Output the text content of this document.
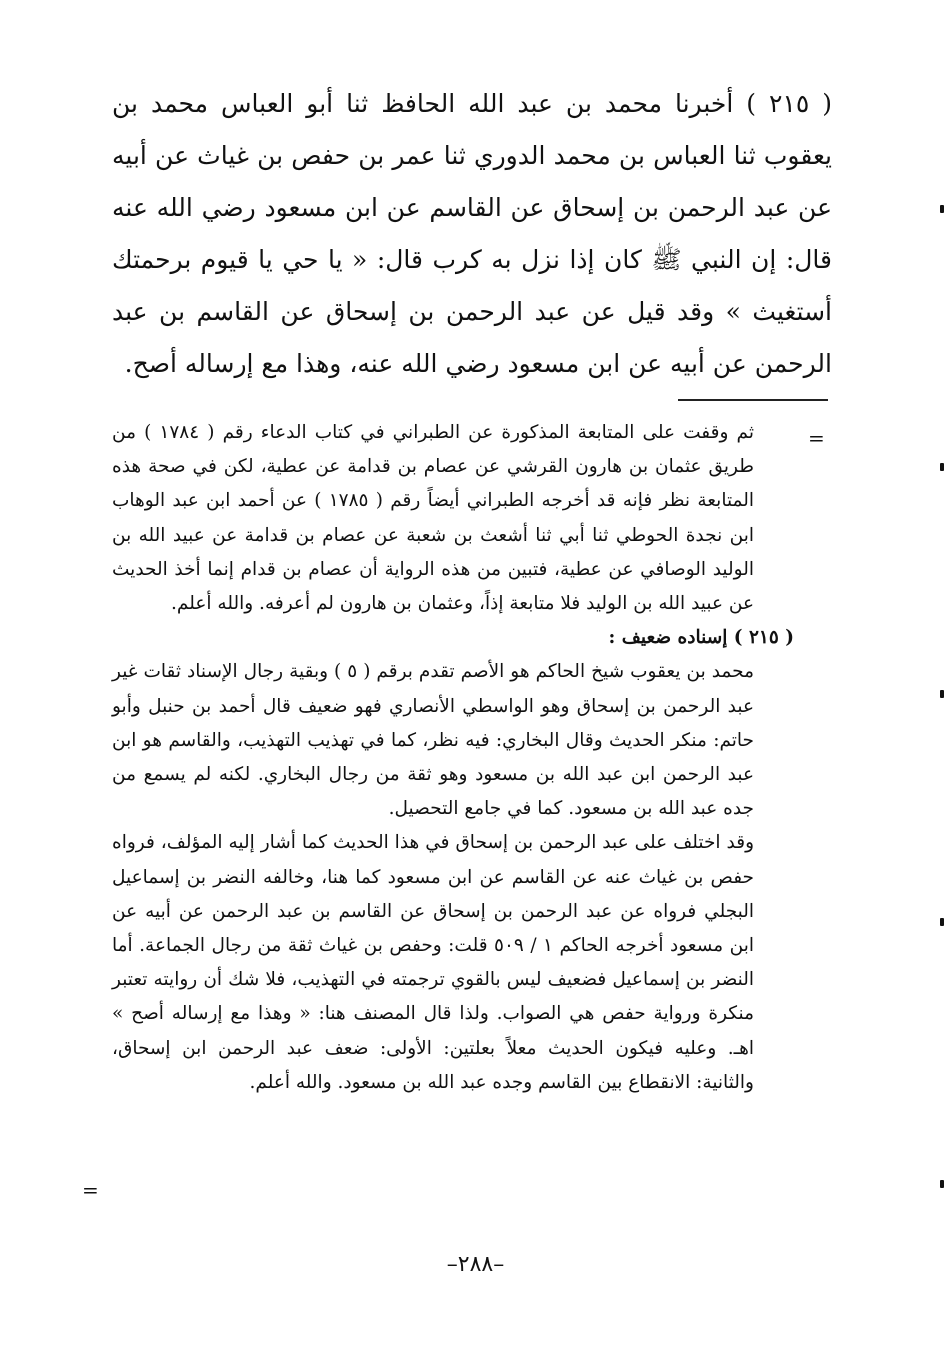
( ٢١٥ ) أخبرنا محمد بن عبد الله الحافظ ثنا أبو العباس محمد بن يعقوب ثنا العباس بن محمد الدوري ثنا عمر بن حفص بن غياث عن أبيه عن عبد الرحمن بن إسحاق عن القاسم عن ابن مسعود رضي الله عنه قال: إن النبي ﷺ كان إذا نزل به كرب قال: « يا حي يا قيوم برحمتك أستغيث » وقد قيل عن عبد الرحمن بن إسحاق عن القاسم بن عبد الرحمن عن أبيه عن ابن مسعود رضي الله عنه، وهذا مع إرساله أصح.

=

ثم وقفت على المتابعة المذكورة عن الطبراني في كتاب الدعاء رقم ( ١٧٨٤ ) من طريق عثمان بن هارون القرشي عن عصام بن قدامة عن عطية، لكن في صحة هذه المتابعة نظر فإنه قد أخرجه الطبراني أيضاً رقم ( ١٧٨٥ ) عن أحمد ابن عبد الوهاب ابن نجدة الحوطي ثنا أبي ثنا أشعث بن شعبة عن عصام بن قدامة عن عبيد الله بن الوليد الوصافي عن عطية، فتبين من هذه الرواية أن عصام بن قدام إنما أخذ الحديث عن عبيد الله بن الوليد فلا متابعة إذاً، وعثمان بن هارون لم أعرفه. والله أعلم.

( ٢١٥ ) إسناده ضعيف :

محمد بن يعقوب شيخ الحاكم هو الأصم تقدم برقم ( ٥ ) وبقية رجال الإسناد ثقات غير عبد الرحمن بن إسحاق وهو الواسطي الأنصاري فهو ضعيف قال أحمد بن حنبل وأبو حاتم: منكر الحديث وقال البخاري: فيه نظر، كما في تهذيب التهذيب، والقاسم هو ابن عبد الرحمن ابن عبد الله بن مسعود وهو ثقة من رجال البخاري. لكنه لم يسمع من جده عبد الله بن مسعود. كما في جامع التحصيل.

وقد اختلف على عبد الرحمن بن إسحاق في هذا الحديث كما أشار إليه المؤلف، فرواه حفص بن غياث عنه عن القاسم عن ابن مسعود كما هنا، وخالفه النضر بن إسماعيل البجلي فرواه عن عبد الرحمن بن إسحاق عن القاسم بن عبد الرحمن عن أبيه عن ابن مسعود أخرجه الحاكم ١ / ٥٠٩ قلت: وحفص بن غياث ثقة من رجال الجماعة. أما النضر بن إسماعيل فضعيف ليس بالقوي ترجمته في التهذيب، فلا شك أن روايته تعتبر منكرة ورواية حفص هي الصواب. ولذا قال المصنف هنا: « وهذا مع إرساله أصح » اهـ. وعليه فيكون الحديث معلاً بعلتين: الأولى: ضعف عبد الرحمن ابن إسحاق، والثانية: الانقطاع بين القاسم وجده عبد الله بن مسعود. والله أعلم.

=
–٢٨٨–
